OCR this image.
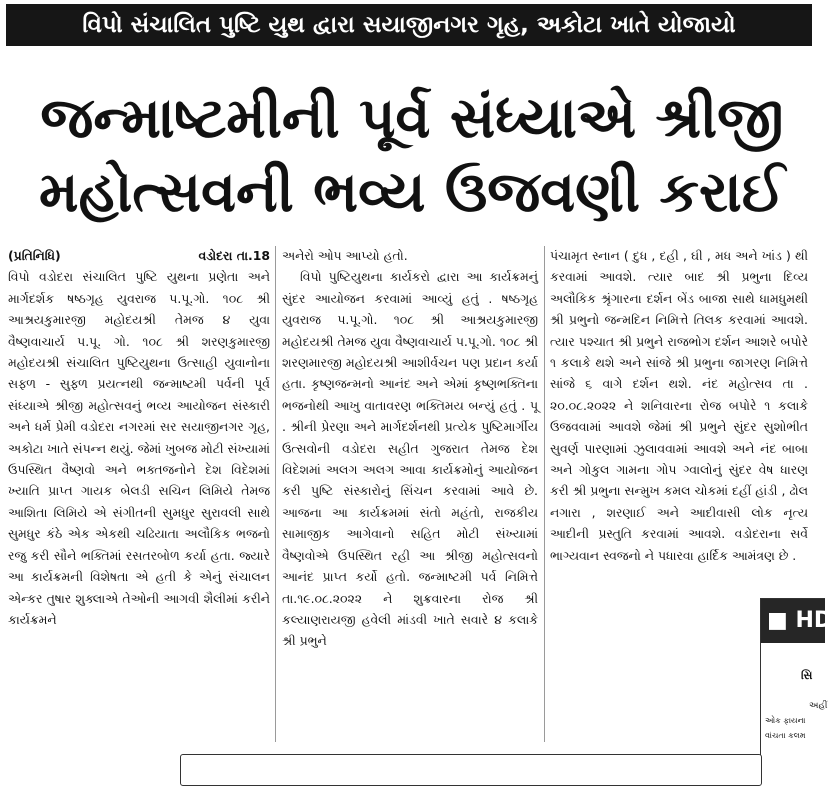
વિપો સંચાલિત પુષ્ટિ યુથ દ્વારા સયાજીનગર ગૃહ, અકોટા ખાતે યોજાયો
જન્માષ્ટમીની પૂર્વ સંધ્યાએ શ્રીજી
મહોત્સવની ભવ્ય ઉજવણી કરાઈ
(પ્રતિનિધિ)	વડોદરા તા.18

વિપો વડોદરા સંચાલિત પુષ્ટિ યુથના પ્રણેતા અને માર્ગદર્શક ષષ્ઠગૃહ યુવરાજ પ.પૂ.ગો. ૧૦૮ શ્રી આશ્રયકુમારજી મહોદયશ્રી તેમજ ૪ યુવા વૈષ્ણવાચાર્ય પ.પૂ. ગો. ૧૦૮ શ્રી શરણકુમારજી મહોદયશ્રી સંચાલિત પુષ્ટિયુથના ઉત્સાહી યુવાનોના સફ્ળ - સુફ્ળ પ્રયત્નથી જન્માષ્ટમી પર્વની પૂર્વ સંધ્યાએ શ્રીજી મહોત્સવનું ભવ્ય આયોજન સંસ્કારી અને ધર્મ પ્રેમી વડોદરા નગરમાં સર સયાજીનગર ગૃહ, અકોટા ખાતે સંપન્ન થયું. જેમાં ખુબજ મોટી સંખ્યામાં ઉપસ્થિત વૈષ્ણવો અને ભક્તજનોને દેશ વિદેશમાં ખ્યાતિ પ્રાપ્ત ગાયક બેલડી સચિન લિમિયે તેમજ આશિતા લિમિયે એ સંગીતની સુમધુર સુરાવલી સાથે સુમધુર કંઠે એક એકથી ચઢિયાતા અલૌકિક ભજનો રજુ કરી સૌને ભક્તિમાં રસતરબોળ કર્યા હતા. જ્યારે આ કાર્યક્રમની વિશેષતા એ હતી કે એનું સંચાલન એન્કર તુષાર શુક્લાએ તેઓની આગવી શૈલીમાં કરીને કાર્યક્રમને

અનેરો ઓપ આપ્યો હતો.

વિપો પુષ્ટિયુથના કાર્યકરો દ્વારા આ કાર્યક્રમનું સુંદર આયોજન કરવામાં આવ્યું હતું . ષષ્ઠગૃહ યુવરાજ પ.પૂ.ગો. ૧૦૮ શ્રી આશ્રયકુમારજી મહોદયશ્રી તેમજ યુવા વૈષ્ણવાચાર્ય પ.પૂ.ગો. ૧૦૮ શ્રી શરણમારજી મહોદયશ્રી આશીર્વચન પણ પ્રદાન કર્યા હતા. કૃષ્ણજન્મનો આનંદ અને એમાં કૃષ્ણભક્તિના ભજનોથી આખુ વાતાવરણ ભક્તિમય બન્યું હતું . પૂ . શ્રીની પ્રેરણા અને માર્ગદર્શનથી પ્રત્યેક પુષ્ટિમાર્ગીય ઉત્સવોની વડોદરા સહીત ગુજરાત તેમજ દેશ વિદેશમાં અલગ અલગ આવા કાર્યક્રમોનું આયોજન કરી પુષ્ટિ સંસ્કારોનું સિંચન કરવામાં આવે છે. આજના આ કાર્યક્રમમાં સંતો મહંતો, રાજકીય સામાજીક આગેવાનો સહિત મોટી સંખ્યામાં વૈષ્ણવોએ ઉપસ્થિત રહી આ શ્રીજી મહોત્સવનો આનંદ પ્રાપ્ત કર્યો હતો. જન્માષ્ટમી પર્વ નિમિત્તે તા.૧૯.૦૮.૨૦૨૨ ને શુક્રવારના રોજ શ્રી કલ્યાણરાયજી હવેલી માંડવી ખાતે સવારે ૪ કલાકે શ્રી પ્રભુને

પંચામૃત સ્નાન ( દુધ , દહી , ઘી , મધ અને ખાંડ ) થી કરવામાં આવશે. ત્યાર બાદ શ્રી પ્રભુના દિવ્ય અલૌકિક શ્રૃંગારના દર્શન બેંડ બાજા સાથે ધામધુમથી શ્રી પ્રભુનો જન્મદિન નિમિત્તે તિલક કરવામાં આવશે. ત્યાર પશ્ચાત શ્રી પ્રભુને રાજભોગ દર્શન આશરે બપોરે ૧ કલાકે થશે અને સાંજે શ્રી પ્રભુના જાગરણ નિમિત્તે સાંજે ૬ વાગે દર્શન થશે. નંદ મહોત્સવ તા . ૨૦.૦૮.૨૦૨૨ ને શનિવારના રોજ બપોરે ૧ કલાકે ઉજવવામાં આવશે જેમાં શ્રી પ્રભુને સુંદર સુશોભીત સુવર્ણ પારણામાં ઝુલાવવામાં આવશે અને નંદ બાબા અને ગોકુલ ગામના ગોપ ગ્વાલોનું સુંદર વેષ ધારણ કરી શ્રી પ્રભુના સન્મુખ કમલ ચોકમાં દહીં હાંડી , ઢોલ નગારા , શરણાઈ અને આદીવાસી લોક નૃત્ય આદીની પ્રસ્તુતિ કરવામાં આવશે. વડોદરાના સર્વે ભાગ્યવાન સ્વજનો ને પધારવા હાર્દિક આમંત્રણ છે .

■ HD
સિ
અહીં
ઓક ફાયના
વાંચતા કલમ
